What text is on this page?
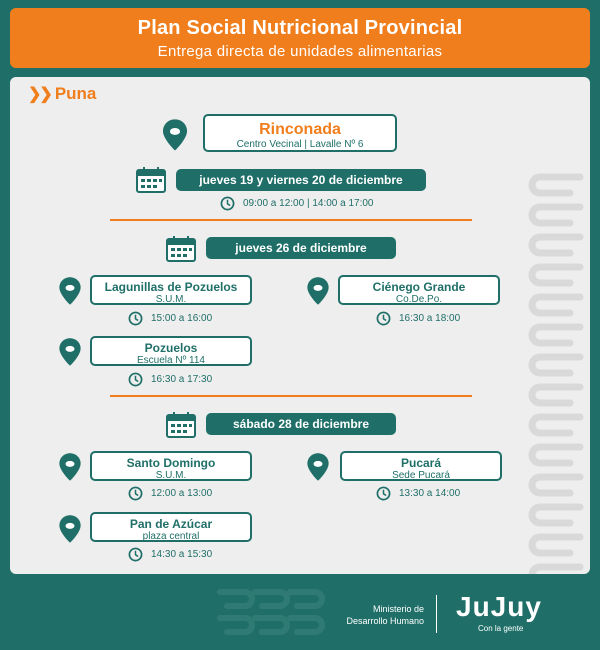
Plan Social Nutricional Provincial
Entrega directa de unidades alimentarias
❯❯ Puna
Rinconada
Centro Vecinal | Lavalle Nº 6
jueves 19 y viernes 20 de diciembre
09:00 a 12:00 | 14:00 a 17:00
jueves 26 de diciembre
Lagunillas de Pozuelos
S.U.M.
15:00 a 16:00
Ciénego Grande
Co.De.Po.
16:30 a 18:00
Pozuelos
Escuela Nº 114
16:30 a 17:30
sábado 28 de diciembre
Santo Domingo
S.U.M.
12:00 a 13:00
Pucará
Sede Pucará
13:30 a 14:00
Pan de Azúcar
plaza central
14:30 a 15:30
Ministerio de
Desarrollo Humano JuJuy
Con la gente
